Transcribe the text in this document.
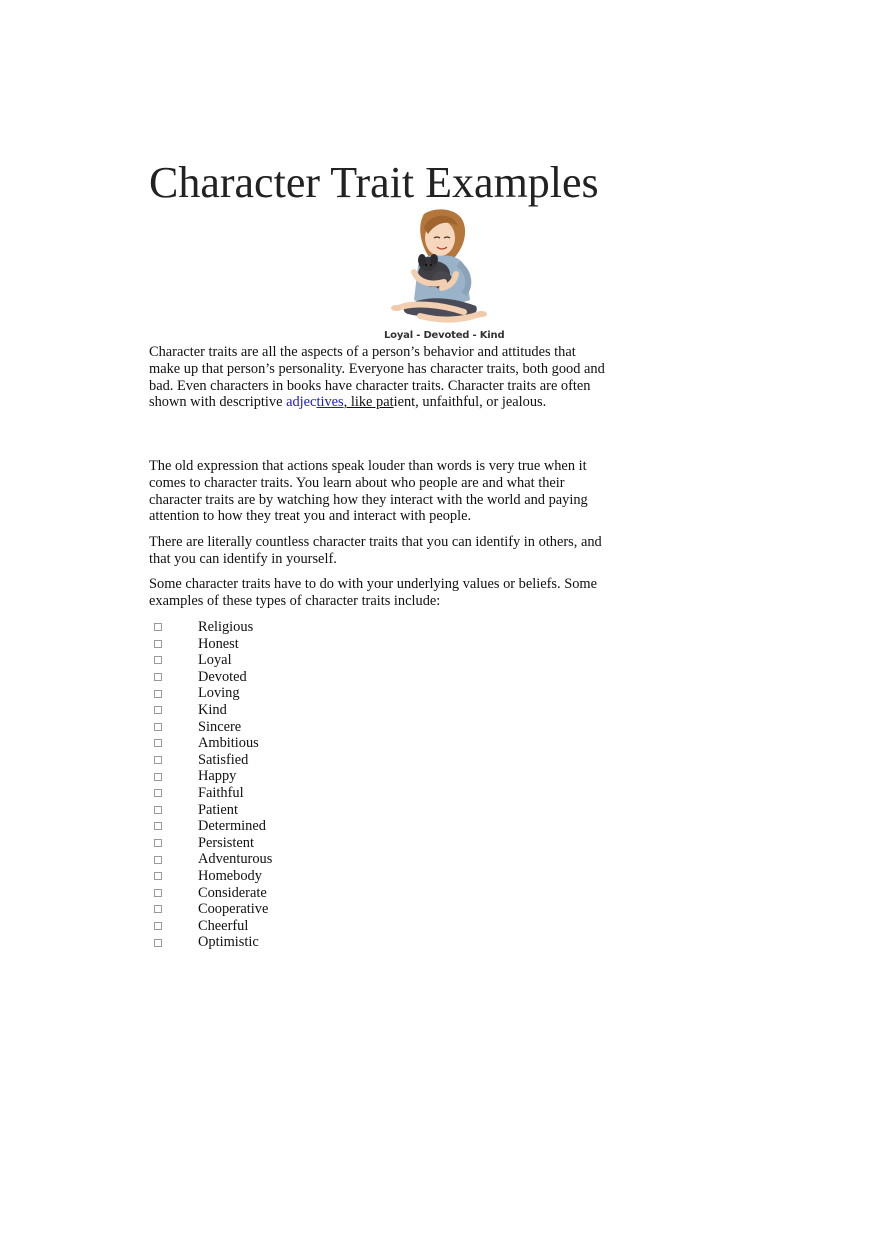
Character Trait Examples
Loyal - Devoted - Kind

Character traits are all the aspects of a person’s behavior and attitudes that make up that person’s personality. Everyone has character traits, both good and bad. Even characters in books have character traits. Character traits are often shown with descriptive adjectives, like patient, unfaithful, or jealous.

The old expression that actions speak louder than words is very true when it comes to character traits. You learn about who people are and what their character traits are by watching how they interact with the world and paying attention to how they treat you and interact with people.

There are literally countless character traits that you can identify in others, and that you can identify in yourself.

Some character traits have to do with your underlying values or beliefs. Some examples of these types of character traits include:

Religious
Honest
Loyal
Devoted
Loving
Kind
Sincere
Ambitious
Satisfied
Happy
Faithful
Patient
Determined
Persistent
Adventurous
Homebody
Considerate
Cooperative
Cheerful
Optimistic
